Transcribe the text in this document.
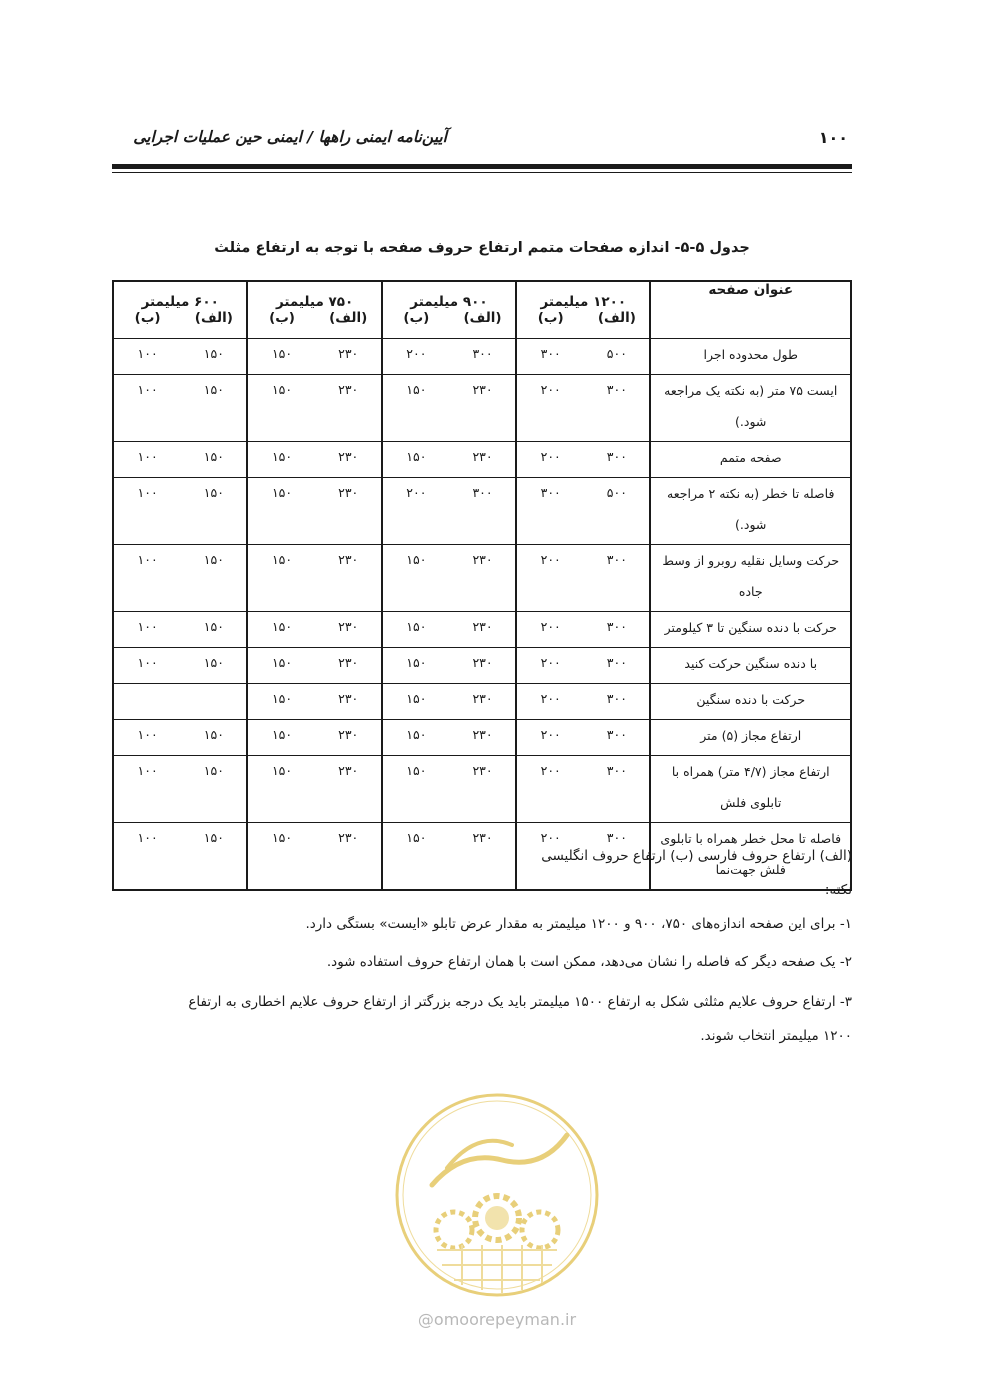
آیین‌نامه ایمنی راهها / ایمنی حین عملیات اجرایی	۱۰۰
جدول ۵-۵- اندازه صفحات متمم ارتفاع حروف صفحه با توجه به ارتفاع مثلث
عنوان صفحه	۱۲۰۰ میلیمتر		۹۰۰ میلیمتر		۷۵۰ میلیمتر		۶۰۰ میلیمتر	
	(الف)	(ب)	(الف)	(ب)	(الف)	(ب)	(الف)	(ب)
طول محدوده اجرا	۵۰۰	۳۰۰	۳۰۰	۲۰۰	۲۳۰	۱۵۰	۱۵۰	۱۰۰
ایست ۷۵ متر (به نکته یک مراجعه شود.)	۳۰۰	۲۰۰	۲۳۰	۱۵۰	۲۳۰	۱۵۰	۱۵۰	۱۰۰
صفحه متمم	۳۰۰	۲۰۰	۲۳۰	۱۵۰	۲۳۰	۱۵۰	۱۵۰	۱۰۰
فاصله تا خطر (به نکته ۲ مراجعه شود.)	۵۰۰	۳۰۰	۳۰۰	۲۰۰	۲۳۰	۱۵۰	۱۵۰	۱۰۰
حرکت وسایل نقلیه روبرو از وسط جاده	۳۰۰	۲۰۰	۲۳۰	۱۵۰	۲۳۰	۱۵۰	۱۵۰	۱۰۰
حرکت با دنده سنگین تا ۳ کیلومتر	۳۰۰	۲۰۰	۲۳۰	۱۵۰	۲۳۰	۱۵۰	۱۵۰	۱۰۰
با دنده سنگین حرکت کنید	۳۰۰	۲۰۰	۲۳۰	۱۵۰	۲۳۰	۱۵۰	۱۵۰	۱۰۰
حرکت با دنده سنگین	۳۰۰	۲۰۰	۲۳۰	۱۵۰	۲۳۰	۱۵۰		
ارتفاع مجاز (۵) متر	۳۰۰	۲۰۰	۲۳۰	۱۵۰	۲۳۰	۱۵۰	۱۵۰	۱۰۰
ارتفاع مجاز (۴/۷ متر) همراه با تابلوی فلش	۳۰۰	۲۰۰	۲۳۰	۱۵۰	۲۳۰	۱۵۰	۱۵۰	۱۰۰
فاصله تا محل خطر همراه با تابلوی فلش جهت‌نما	۳۰۰	۲۰۰	۲۳۰	۱۵۰	۲۳۰	۱۵۰	۱۵۰	۱۰۰
(الف) ارتفاع حروف فارسی (ب) ارتفاع حروف انگلیسی
نکته:
۱- برای این صفحه اندازه‌های ۷۵۰، ۹۰۰ و ۱۲۰۰ میلیمتر به مقدار عرض تابلو «ایست» بستگی دارد.
۲- یک صفحه دیگر که فاصله را نشان می‌دهد، ممکن است با همان ارتفاع حروف استفاده شود.
۳- ارتفاع حروف علایم مثلثی شکل به ارتفاع ۱۵۰۰ میلیمتر باید یک درجه بزرگتر از ارتفاع حروف علایم اخطاری به ارتفاع
۱۲۰۰ میلیمتر انتخاب شوند.
@omoorepeyman.ir
